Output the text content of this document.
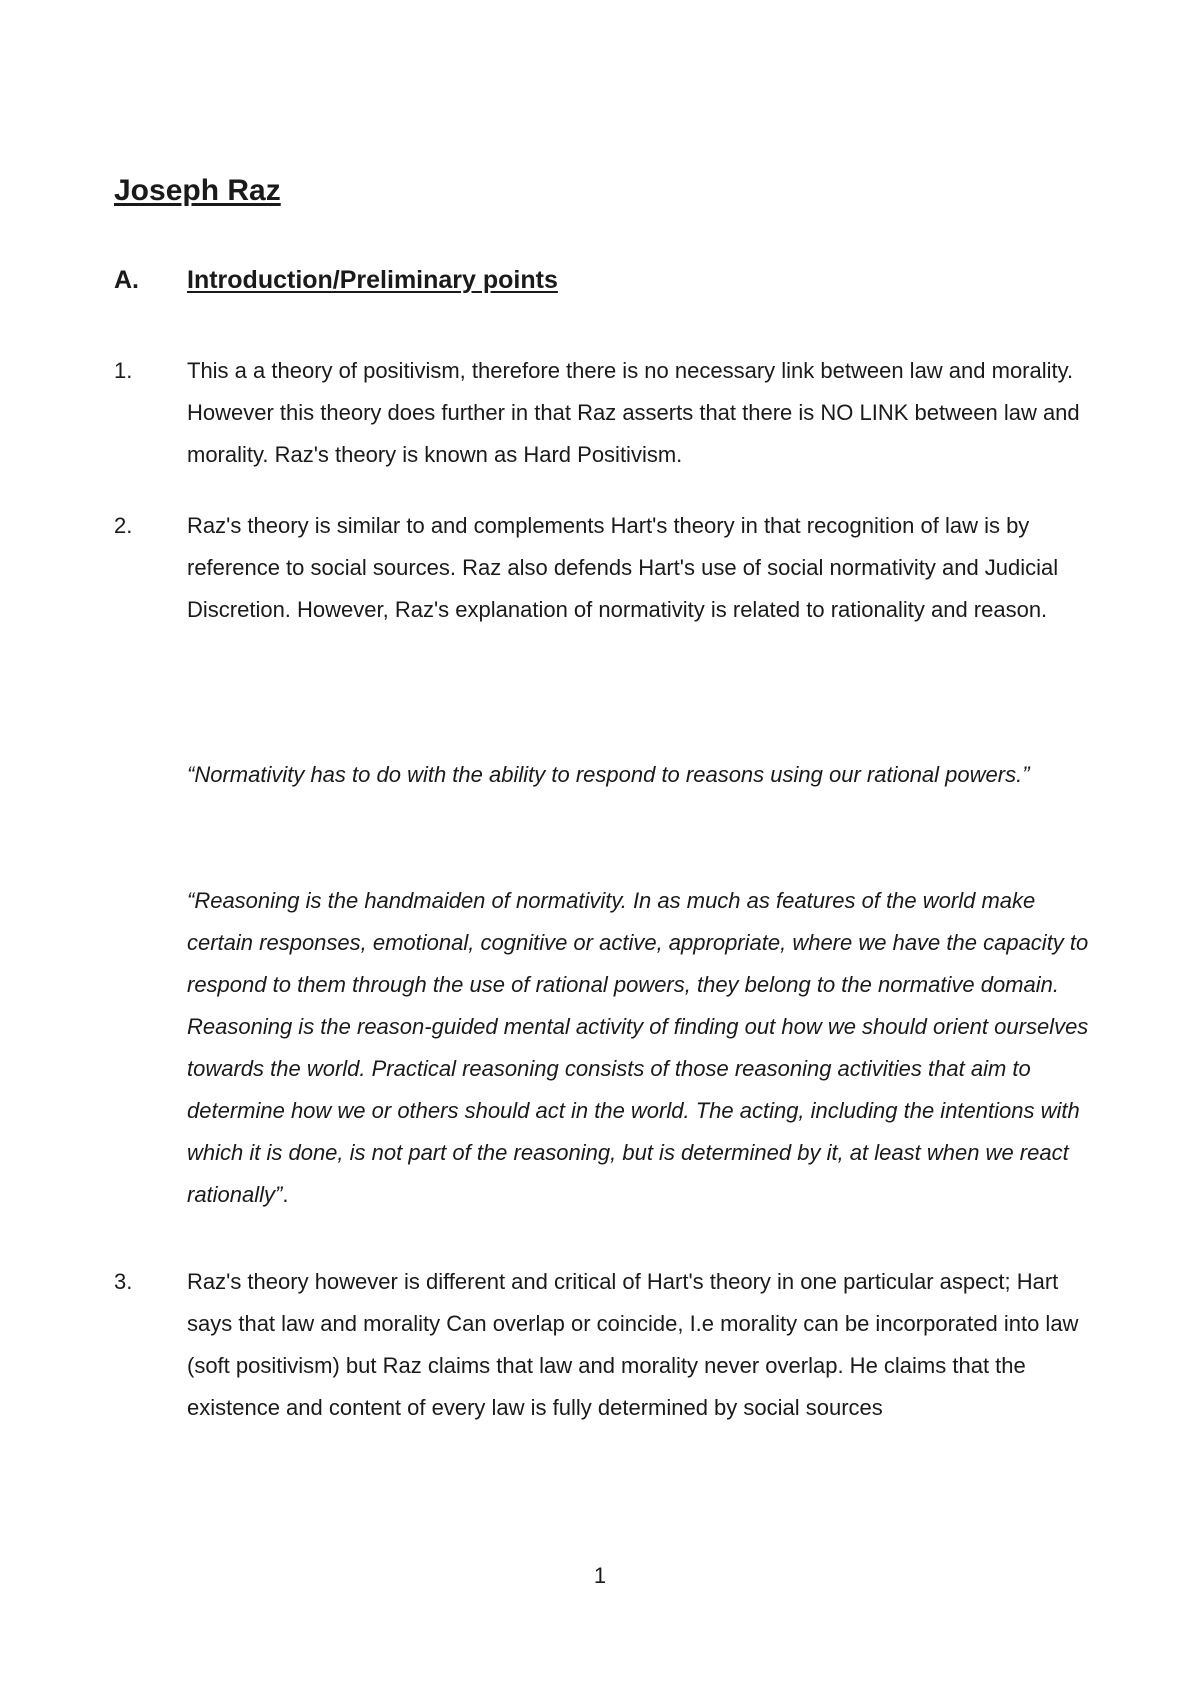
Joseph Raz
A. Introduction/Preliminary points
1. This a a theory of positivism, therefore there is no necessary link between law and morality. However this theory does further in that Raz asserts that there is NO LINK between law and morality. Raz's theory is known as Hard Positivism.
2. Raz's theory is similar to and complements Hart's theory in that recognition of law is by reference to social sources. Raz also defends Hart's use of social normativity and Judicial Discretion. However, Raz's explanation of normativity is related to rationality and reason.
“Normativity has to do with the ability to respond to reasons using our rational powers.”
“Reasoning is the handmaiden of normativity. In as much as features of the world make certain responses, emotional, cognitive or active, appropriate, where we have the capacity to respond to them through the use of rational powers, they belong to the normative domain. Reasoning is the reason-guided mental activity of finding out how we should orient ourselves towards the world. Practical reasoning consists of those reasoning activities that aim to determine how we or others should act in the world. The acting, including the intentions with which it is done, is not part of the reasoning, but is determined by it, at least when we react rationally”.
3. Raz's theory however is different and critical of Hart's theory in one particular aspect; Hart says that law and morality Can overlap or coincide, I.e morality can be incorporated into law (soft positivism) but Raz claims that law and morality never overlap. He claims that the existence and content of every law is fully determined by social sources
1
